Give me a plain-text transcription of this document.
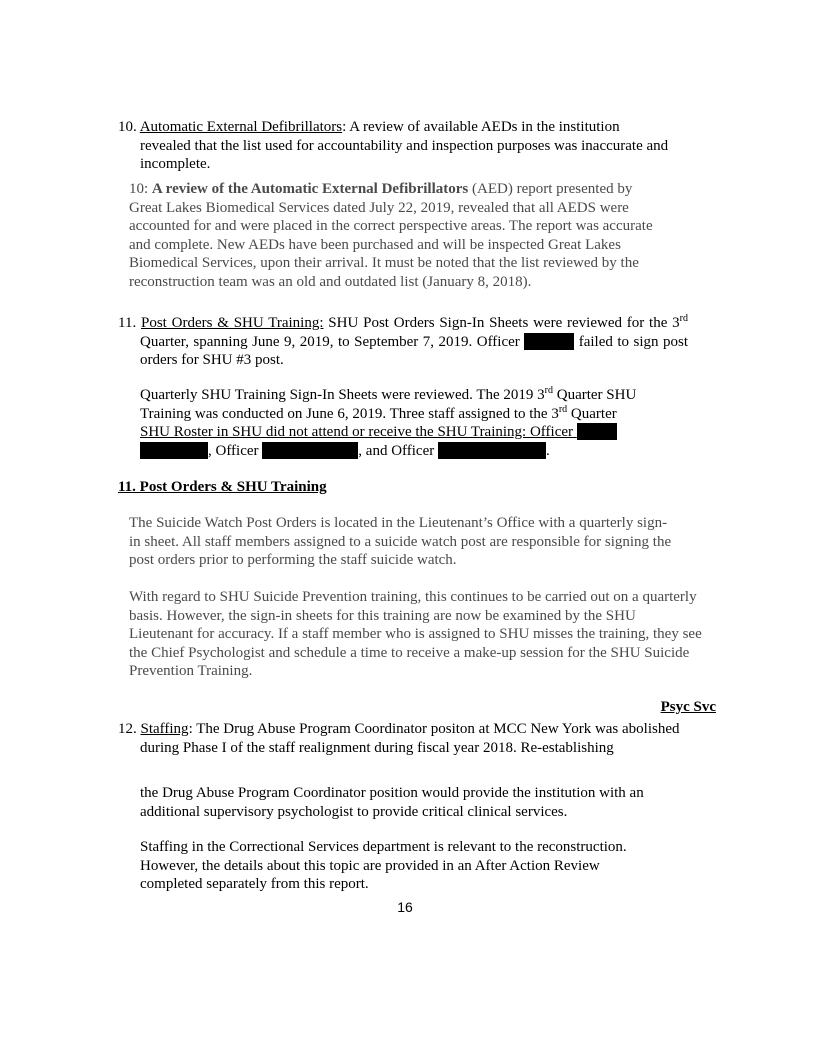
10. Automatic External Defibrillators: A review of available AEDs in the institution revealed that the list used for accountability and inspection purposes was inaccurate and incomplete.

10: A review of the Automatic External Defibrillators (AED) report presented by Great Lakes Biomedical Services dated July 22, 2019, revealed that all AEDS were accounted for and were placed in the correct perspective areas. The report was accurate and complete. New AEDs have been purchased and will be inspected Great Lakes Biomedical Services, upon their arrival. It must be noted that the list reviewed by the reconstruction team was an old and outdated list (January 8, 2018).

11. Post Orders & SHU Training: SHU Post Orders Sign-In Sheets were reviewed for the 3rd Quarter, spanning June 9, 2019, to September 7, 2019. Officer	failed to sign post orders for SHU #3 post.

Quarterly SHU Training Sign-In Sheets were reviewed. The 2019 3rd Quarter SHU Training was conducted on June 6, 2019. Three staff assigned to the 3rd Quarter
SHU Roster in SHU did not attend or receive the SHU Training: Officer
, Officer	, and Officer	.

11. Post Orders & SHU Training

The Suicide Watch Post Orders is located in the Lieutenant’s Office with a quarterly sign-in sheet. All staff members assigned to a suicide watch post are responsible for signing the post orders prior to performing the staff suicide watch.

With regard to SHU Suicide Prevention training, this continues to be carried out on a quarterly basis. However, the sign-in sheets for this training are now be examined by the SHU Lieutenant for accuracy. If a staff member who is assigned to SHU misses the training, they see the Chief Psychologist and schedule a time to receive a make-up session for the SHU Suicide Prevention Training.

Psyc Svc

12. Staffing: The Drug Abuse Program Coordinator positon at MCC New York was abolished during Phase I of the staff realignment during fiscal year 2018. Re-establishing

the Drug Abuse Program Coordinator position would provide the institution with an additional supervisory psychologist to provide critical clinical services.

Staffing in the Correctional Services department is relevant to the reconstruction. However, the details about this topic are provided in an After Action Review completed separately from this report.

16
